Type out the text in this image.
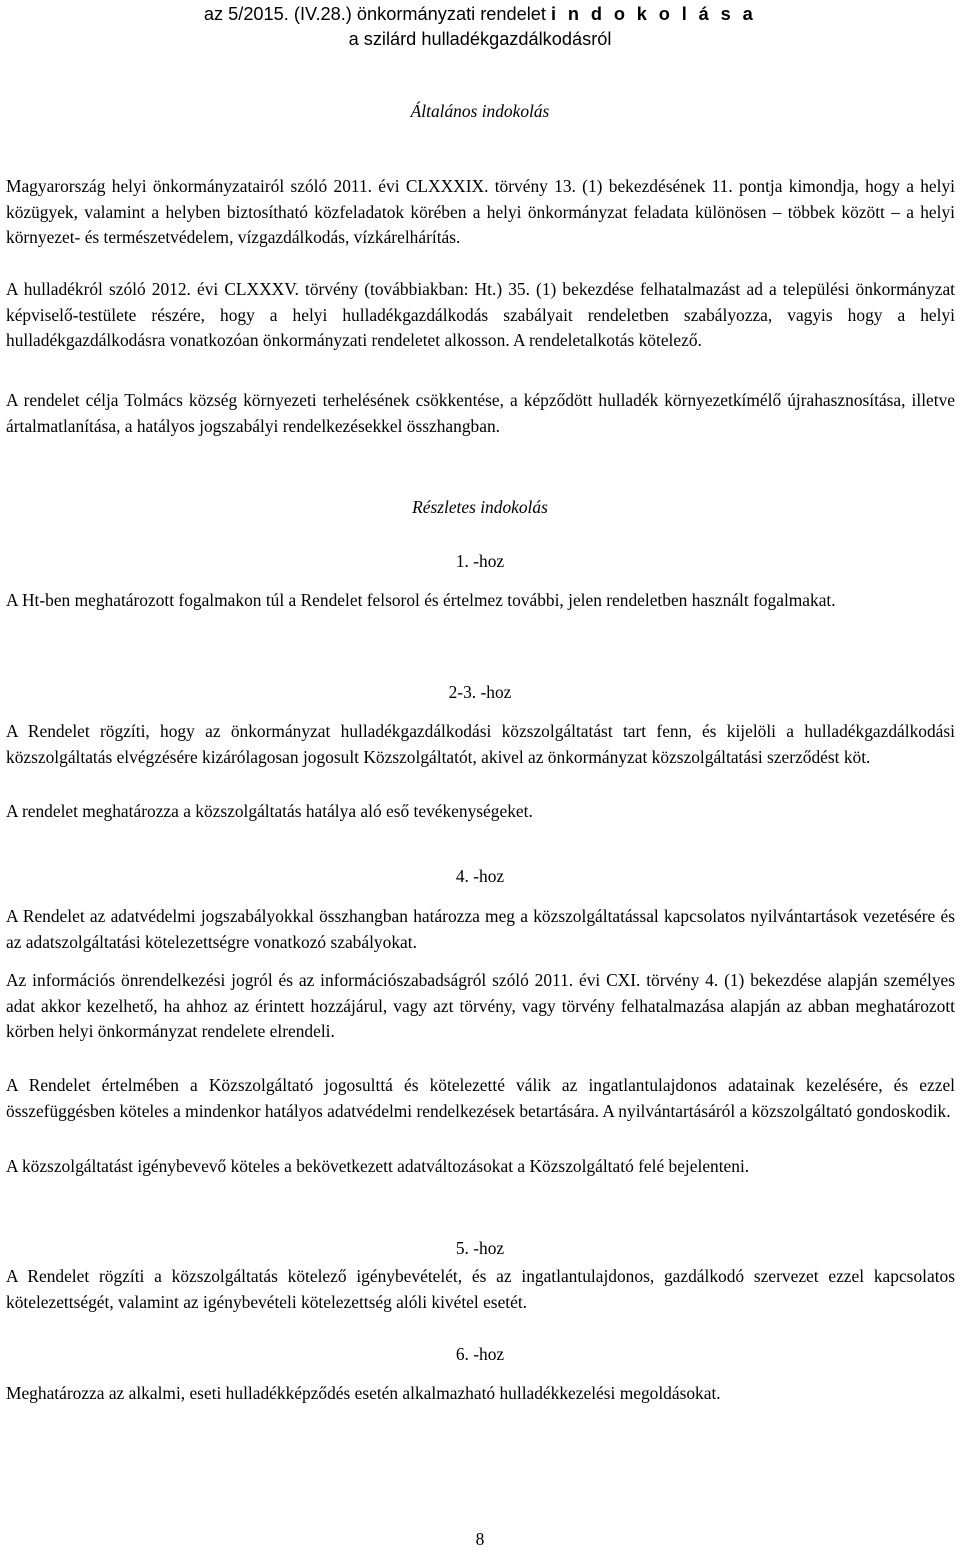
az 5/2015. (IV.28.) önkormányzati rendelet i n d o k o l á s a
a szilárd hulladékgazdálkodásról
Általános indokolás

Magyarország helyi önkormányzatairól szóló 2011. évi CLXXXIX. törvény 13. (1) bekezdésének 11. pontja kimondja, hogy a helyi közügyek, valamint a helyben biztosítható közfeladatok körében a helyi önkormányzat feladata különösen – többek között – a helyi környezet- és természetvédelem, vízgazdálkodás, vízkárelhárítás.

A hulladékról szóló 2012. évi CLXXXV. törvény (továbbiakban: Ht.) 35. (1) bekezdése felhatalmazást ad a települési önkormányzat képviselő-testülete részére, hogy a helyi hulladékgazdálkodás szabályait rendeletben szabályozza, vagyis hogy a helyi hulladékgazdálkodásra vonatkozóan önkormányzati rendeletet alkosson. A rendeletalkotás kötelező.

A rendelet célja Tolmács község környezeti terhelésének csökkentése, a képződött hulladék környezetkímélő újrahasznosítása, illetve ártalmatlanítása, a hatályos jogszabályi rendelkezésekkel összhangban.

Részletes indokolás
1. -hoz

A Ht-ben meghatározott fogalmakon túl a Rendelet felsorol és értelmez további, jelen rendeletben használt fogalmakat.

2-3. -hoz

A Rendelet rögzíti, hogy az önkormányzat hulladékgazdálkodási közszolgáltatást tart fenn, és kijelöli a hulladékgazdálkodási közszolgáltatás elvégzésére kizárólagosan jogosult Közszolgáltatót, akivel az önkormányzat közszolgáltatási szerződést köt.

A rendelet meghatározza a közszolgáltatás hatálya aló eső tevékenységeket.

4. -hoz

A Rendelet az adatvédelmi jogszabályokkal összhangban határozza meg a közszolgáltatással kapcsolatos nyilvántartások vezetésére és az adatszolgáltatási kötelezettségre vonatkozó szabályokat.

Az információs önrendelkezési jogról és az információszabadságról szóló 2011. évi CXI. törvény 4. (1) bekezdése alapján személyes adat akkor kezelhető, ha ahhoz az érintett hozzájárul, vagy azt törvény, vagy törvény felhatalmazása alapján az abban meghatározott körben helyi önkormányzat rendelete elrendeli.

A Rendelet értelmében a Közszolgáltató jogosulttá és kötelezetté válik az ingatlantulajdonos adatainak kezelésére, és ezzel összefüggésben köteles a mindenkor hatályos adatvédelmi rendelkezések betartására. A nyilvántartásáról a közszolgáltató gondoskodik.

A közszolgáltatást igénybevevő köteles a bekövetkezett adatváltozásokat a Közszolgáltató felé bejelenteni.

5. -hoz

A Rendelet rögzíti a közszolgáltatás kötelező igénybevételét, és az ingatlantulajdonos, gazdálkodó szervezet ezzel kapcsolatos kötelezettségét, valamint az igénybevételi kötelezettség alóli kivétel esetét.

6. -hoz

Meghatározza az alkalmi, eseti hulladékképződés esetén alkalmazható hulladékkezelési megoldásokat.

8
